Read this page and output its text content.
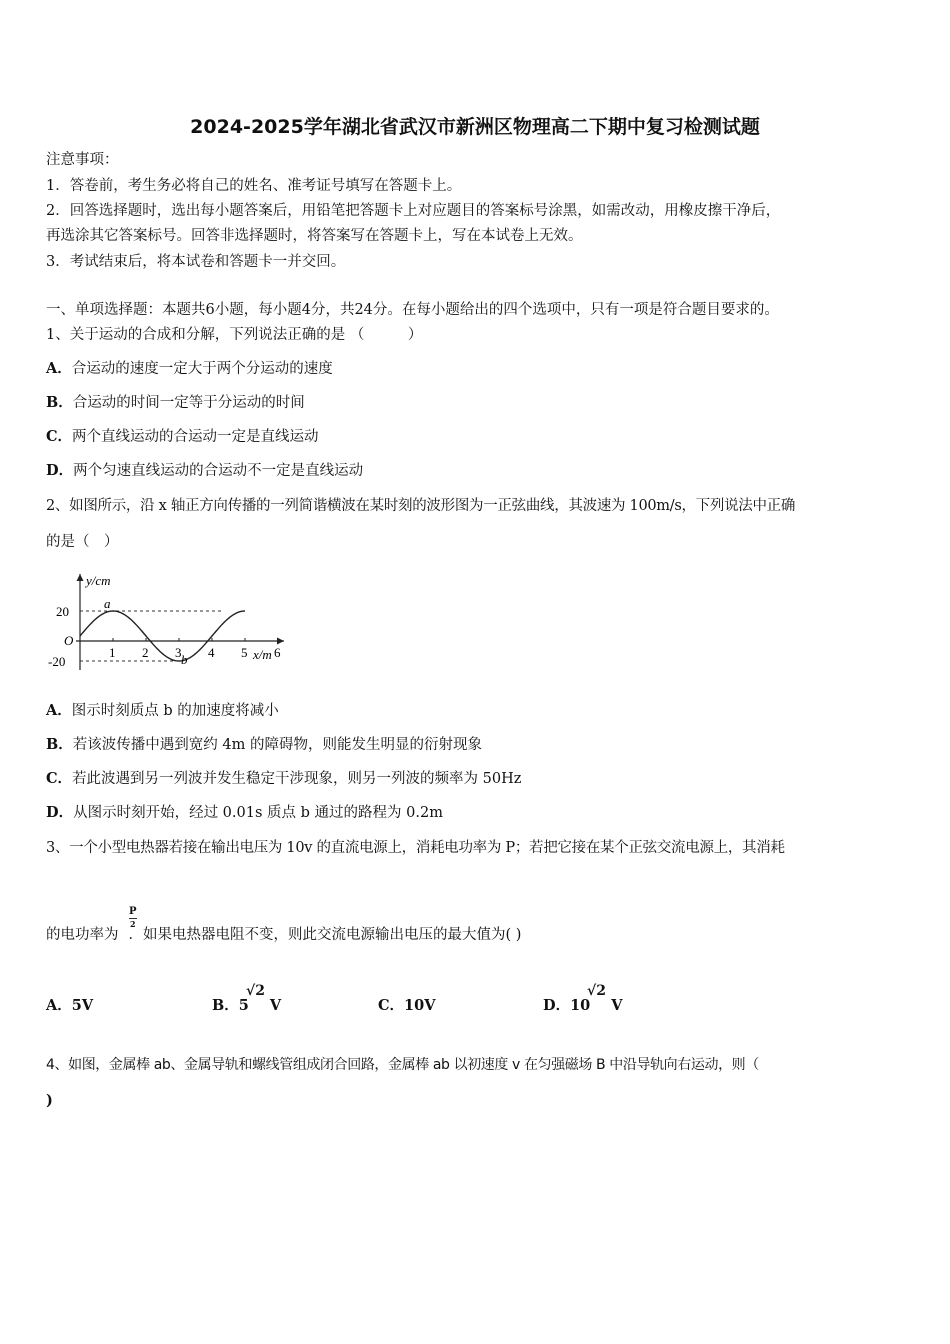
2024-2025学年湖北省武汉市新洲区物理高二下期中复习检测试题
注意事项：
1．答卷前，考生务必将自己的姓名、准考证号填写在答题卡上。
2．回答选择题时，选出每小题答案后，用铅笔把答题卡上对应题目的答案标号涂黑，如需改动，用橡皮擦干净后，
再选涂其它答案标号。回答非选择题时，将答案写在答题卡上，写在本试卷上无效。
3．考试结束后，将本试卷和答题卡一并交回。
一、单项选择题：本题共6小题，每小题4分，共24分。在每小题给出的四个选项中，只有一项是符合题目要求的。
1、关于运动的合成和分解，下列说法正确的是 （　　　）
A．合运动的速度一定大于两个分运动的速度
B．合运动的时间一定等于分运动的时间
C．两个直线运动的合运动一定是直线运动
D．两个匀速直线运动的合运动不一定是直线运动
2、如图所示，沿 x 轴正方向传播的一列简谐横波在某时刻的波形图为一正弦曲线，其波速为 100m/s，下列说法中正确
的是（　）
1 2 3 4 5 6
y/cm
x/m
20
-20
O
a
b
A．图示时刻质点 b 的加速度将减小
B．若该波传播中遇到宽约 4m 的障碍物，则能发生明显的衍射现象
C．若此波遇到另一列波并发生稳定干涉现象，则另一列波的频率为 50Hz
D．从图示时刻开始，经过 0.01s 质点 b 通过的路程为 0.2m
3、一个小型电热器若接在输出电压为 10v 的直流电源上，消耗电功率为 P；若把它接在某个正弦交流电源上，其消耗
的电功率为 ．如果电热器电阻不变，则此交流电源输出电压的最大值为( )
P
2
A．5V	B．5 V
√2
C．10V	D．10 V
√2
4、如图，金属棒 ab、金属导轨和螺线管组成闭合回路，金属棒 ab 以初速度 v 在匀强磁场 B 中沿导轨向右运动，则（
)
